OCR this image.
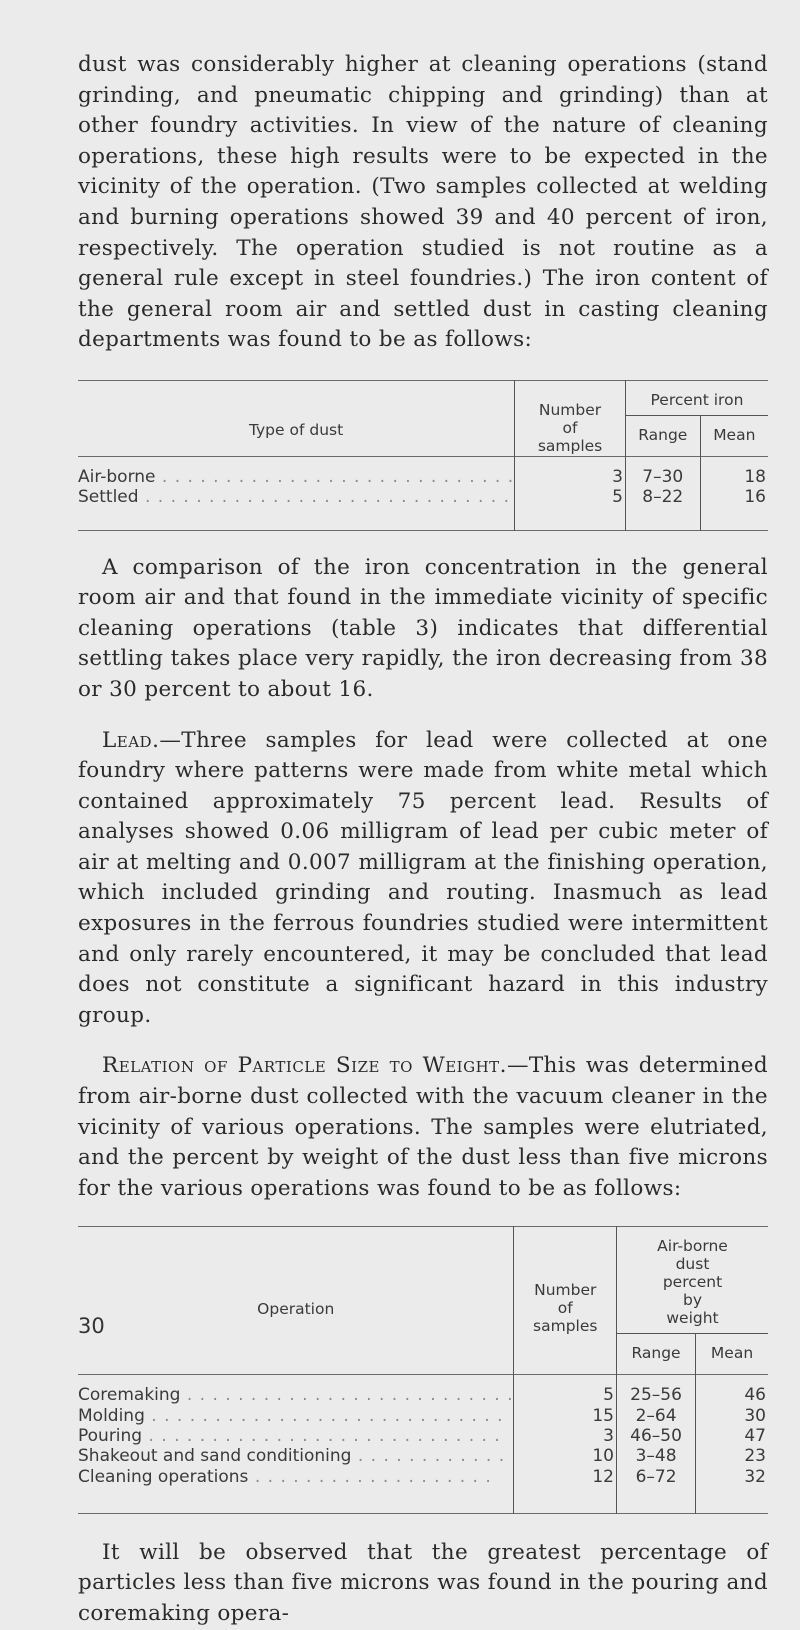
dust was considerably higher at cleaning operations (stand grinding, and pneumatic chipping and grinding) than at other foundry activities. In view of the nature of cleaning operations, these high results were to be expected in the vicinity of the operation. (Two samples collected at welding and burning operations showed 39 and 40 percent of iron, respectively. The operation studied is not routine as a general rule except in steel foundries.) The iron content of the general room air and settled dust in casting cleaning departments was found to be as follows:

Type of dust	Number of samples	Percent iron	
		Range	Mean
Air-borne . . . . . . . . . . . . . . . . . . . . . . . . . . . .	3	7–30	18
Settled . . . . . . . . . . . . . . . . . . . . . . . . . . . . .	5	8–22	16

A comparison of the iron concentration in the general room air and that found in the immediate vicinity of specific cleaning operations (table 3) indicates that differential settling takes place very rapidly, the iron decreasing from 38 or 30 percent to about 16.

Lead.—Three samples for lead were collected at one foundry where patterns were made from white metal which contained approximately 75 percent lead. Results of analyses showed 0.06 milligram of lead per cubic meter of air at melting and 0.007 milligram at the finishing operation, which included grinding and routing. Inasmuch as lead exposures in the ferrous foundries studied were intermittent and only rarely encountered, it may be concluded that lead does not constitute a significant hazard in this industry group.

Relation of Particle Size to Weight.—This was determined from air-borne dust collected with the vacuum cleaner in the vicinity of various operations. The samples were elutriated, and the percent by weight of the dust less than five microns for the various operations was found to be as follows:

Operation	Number of samples	Air-borne dust percent by weight	
		Range	Mean
Coremaking . . . . . . . . . . . . . . . . . . . . . . . . . .	5	25–56	46
Molding . . . . . . . . . . . . . . . . . . . . . . . . . . . .	15	2–64	30
Pouring . . . . . . . . . . . . . . . . . . . . . . . . . . . .	3	46–50	47
Shakeout and sand conditioning . . . . . . . . . . . .	10	3–48	23
Cleaning operations . . . . . . . . . . . . . . . . . . .	12	6–72	32

It will be observed that the greatest percentage of particles less than five microns was found in the pouring and coremaking opera-

30
